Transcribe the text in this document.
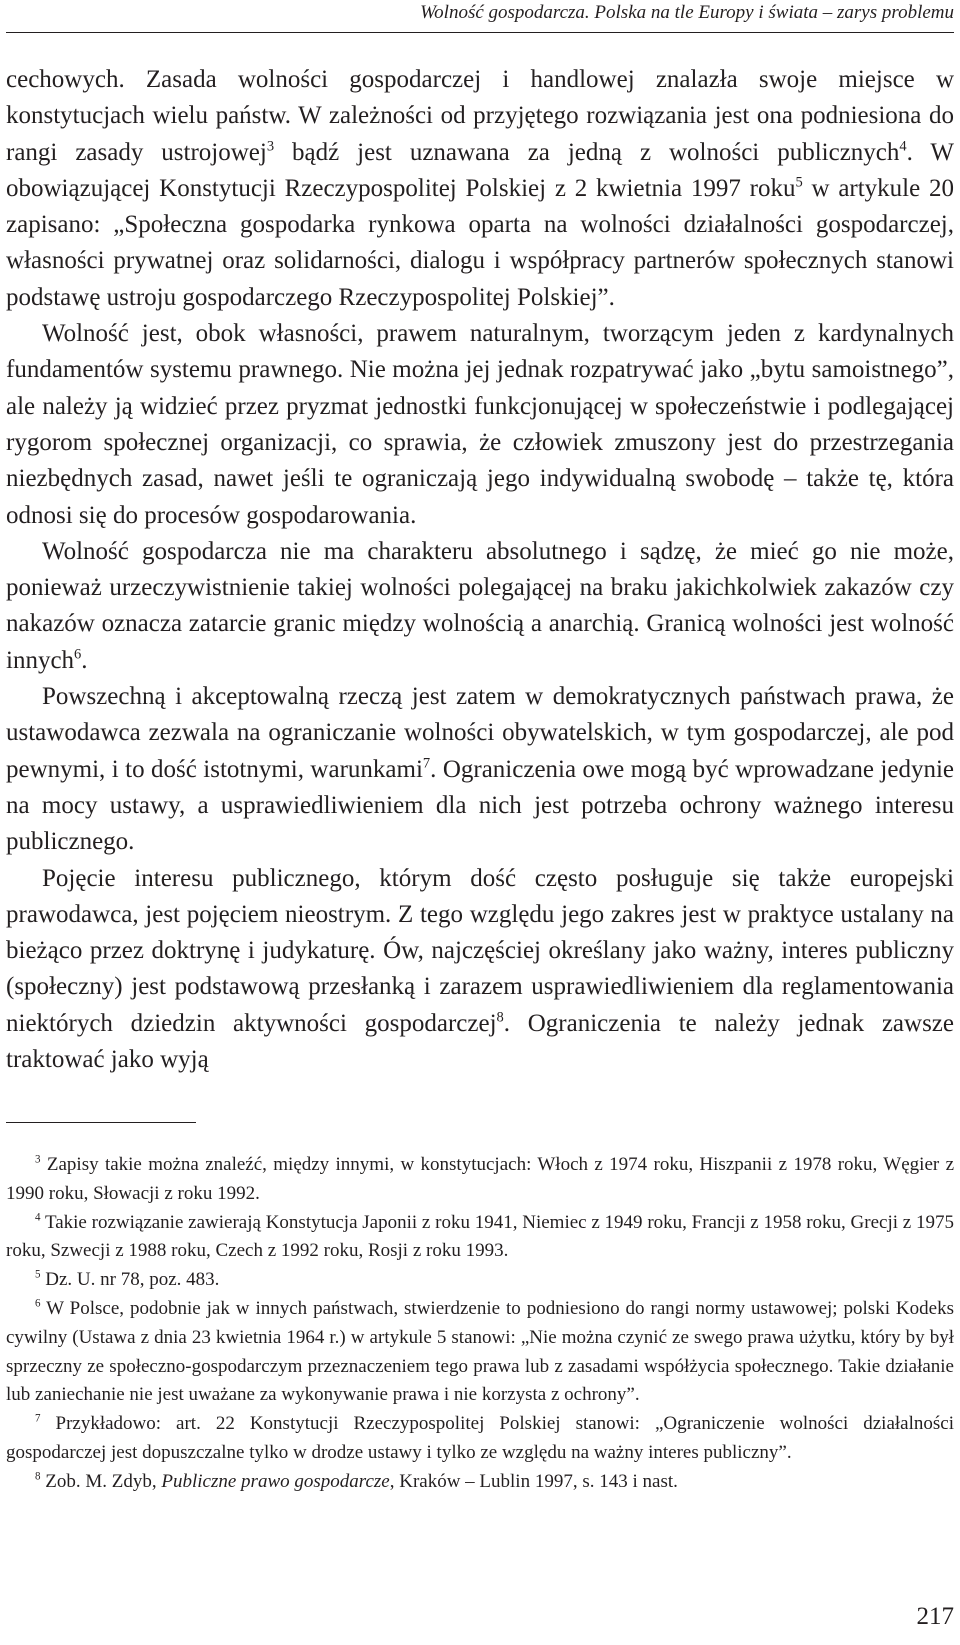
Wolność gospodarcza. Polska na tle Europy i świata – zarys problemu

cechowych. Zasada wolności gospodarczej i handlowej znalazła swoje miejsce w konstytucjach wielu państw. W zależności od przyjętego rozwiązania jest ona podniesiona do rangi zasady ustrojowej$^3$ bądź jest uznawana za jedną z wolności publicznych$^4$. W obowiązującej Konstytucji Rzeczypospolitej Polskiej z 2 kwietnia 1997 roku$^5$ w artykule 20 zapisano: „Społeczna gospodarka rynkowa oparta na wolności działalności gospodarczej, własności prywatnej oraz solidarności, dialogu i współpracy partnerów społecznych stanowi podstawę ustroju gospodarczego Rzeczypospolitej Polskiej”.

Wolność jest, obok własności, prawem naturalnym, tworzącym jeden z kardynalnych fundamentów systemu prawnego. Nie można jej jednak rozpatrywać jako „bytu samoistnego”, ale należy ją widzieć przez pryzmat jednostki funkcjonującej w społeczeństwie i podlegającej rygorom społecznej organizacji, co sprawia, że człowiek zmuszony jest do przestrzegania niezbędnych zasad, nawet jeśli te ograniczają jego indywidualną swobodę – także tę, która odnosi się do procesów gospodarowania.

Wolność gospodarcza nie ma charakteru absolutnego i sądzę, że mieć go nie może, ponieważ urzeczywistnienie takiej wolności polegającej na braku jakichkolwiek zakazów czy nakazów oznacza zatarcie granic między wolnością a anarchią. Granicą wolności jest wolność innych$^6$.

Powszechną i akceptowalną rzeczą jest zatem w demokratycznych państwach prawa, że ustawodawca zezwala na ograniczanie wolności obywatelskich, w tym gospodarczej, ale pod pewnymi, i to dość istotnymi, warunkami$^7$. Ograniczenia owe mogą być wprowadzane jedynie na mocy ustawy, a usprawiedliwieniem dla nich jest potrzeba ochrony ważnego interesu publicznego.

Pojęcie interesu publicznego, którym dość często posługuje się także europejski prawodawca, jest pojęciem nieostrym. Z tego względu jego zakres jest w praktyce ustalany na bieżąco przez doktrynę i judykaturę. Ów, najczęściej określany jako ważny, interes publiczny (społeczny) jest podstawową przesłanką i zarazem usprawiedliwieniem dla reglamentowania niektórych dziedzin aktywności gospodarczej$^8$. Ograniczenia te należy jednak zawsze traktować jako wyją

$^3$ Zapisy takie można znaleźć, między innymi, w konstytucjach: Włoch z 1974 roku, Hiszpanii z 1978 roku, Węgier z 1990 roku, Słowacji z roku 1992.

$^4$ Takie rozwiązanie zawierają Konstytucja Japonii z roku 1941, Niemiec z 1949 roku, Francji z 1958 roku, Grecji z 1975 roku, Szwecji z 1988 roku, Czech z 1992 roku, Rosji z roku 1993.

$^5$ Dz. U. nr 78, poz. 483.

$^6$ W Polsce, podobnie jak w innych państwach, stwierdzenie to podniesiono do rangi normy ustawowej; polski Kodeks cywilny (Ustawa z dnia 23 kwietnia 1964 r.) w artykule 5 stanowi: „Nie można czynić ze swego prawa użytku, który by był sprzeczny ze społeczno-gospodarczym przeznaczeniem tego prawa lub z zasadami współżycia społecznego. Takie działanie lub zaniechanie nie jest uważane za wykonywanie prawa i nie korzysta z ochrony”.

$^7$ Przykładowo: art. 22 Konstytucji Rzeczypospolitej Polskiej stanowi: „Ograniczenie wolności działalności gospodarczej jest dopuszczalne tylko w drodze ustawy i tylko ze względu na ważny interes publiczny”.

$^8$ Zob. M. Zdyb, Publiczne prawo gospodarcze, Kraków – Lublin 1997, s. 143 i nast.

217
